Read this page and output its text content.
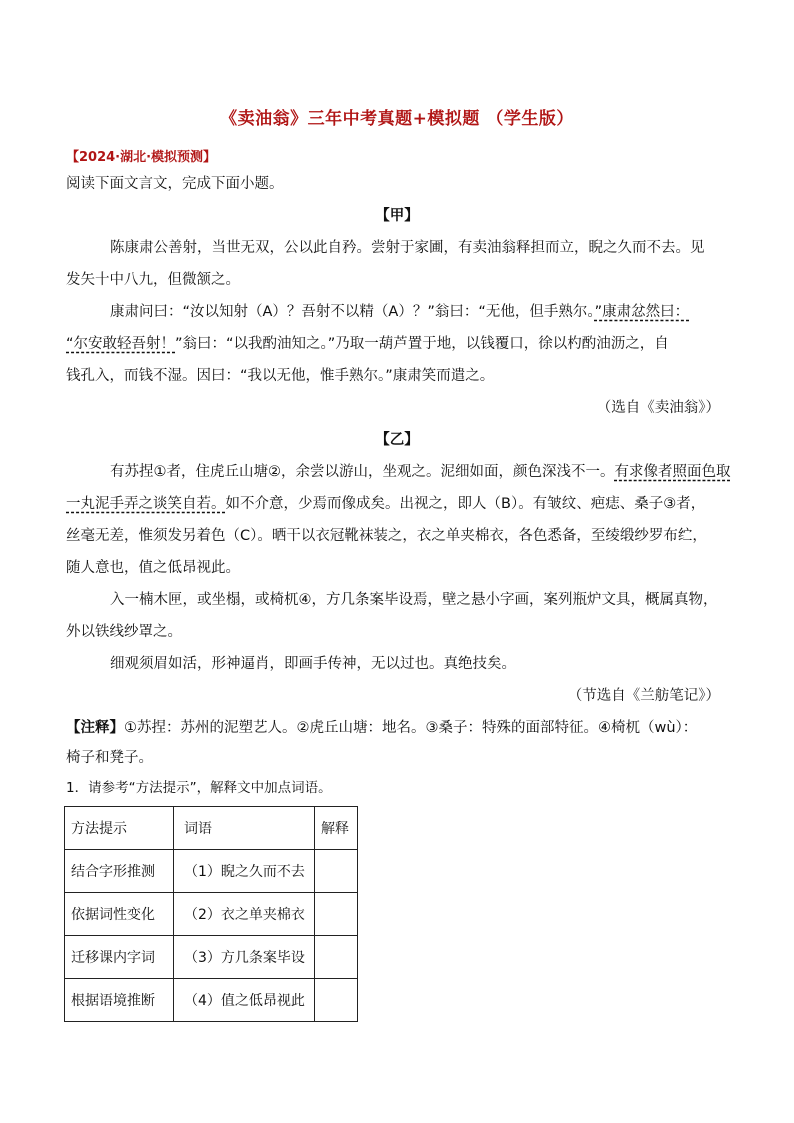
《卖油翁》三年中考真题+模拟题 （学生版）
【2024·湖北·模拟预测】
阅读下面文言文，完成下面小题。
【甲】
陈康肃公善射，当世无双，公以此自矜。尝射于家圃，有卖油翁释担而立，睨之久而不去。见
发矢十中八九，但微颔之。
康肃问曰：“汝以知射（A）？吾射不以精（A）？”翁曰：“无他，但手熟尔。”康肃忿然曰：
“尔安敢轻吾射！”翁曰：“以我酌油知之。”乃取一葫芦置于地，以钱覆口，徐以杓酌油沥之，自
钱孔入，而钱不湿。因曰：“我以无他，惟手熟尔。”康肃笑而遣之。
（选自《卖油翁》）
【乙】
有苏捏①者，住虎丘山塘②，余尝以游山，坐观之。泥细如面，颜色深浅不一。有求像者照面色取
一丸泥手弄之谈笑自若。如不介意，少焉而像成矣。出视之，即人（B）。有皱纹、疤痣、桑子③者，
丝毫无差，惟须发另着色（C）。晒干以衣冠靴袜装之，衣之单夹棉衣，各色悉备，至绫缎纱罗布纻，
随人意也，值之低昂视此。
入一楠木匣，或坐榻，或椅杌④，方几条案毕设焉，壁之悬小字画，案列瓶炉文具，概属真物，
外以铁线纱罩之。
细观须眉如活，形神逼肖，即画手传神，无以过也。真绝技矣。
（节选自《兰舫笔记》）
【注释】①苏捏：苏州的泥塑艺人。②虎丘山塘：地名。③桑子：特殊的面部特征。④椅杌（wù）：
椅子和凳子。
1．请参考“方法提示”，解释文中加点词语。
方法提示	词语	解释
结合字形推测	（1）睨之久而不去	
依据词性变化	（2）衣之单夹棉衣	
迁移课内字词	（3）方几条案毕设	
根据语境推断	（4）值之低昂视此	
